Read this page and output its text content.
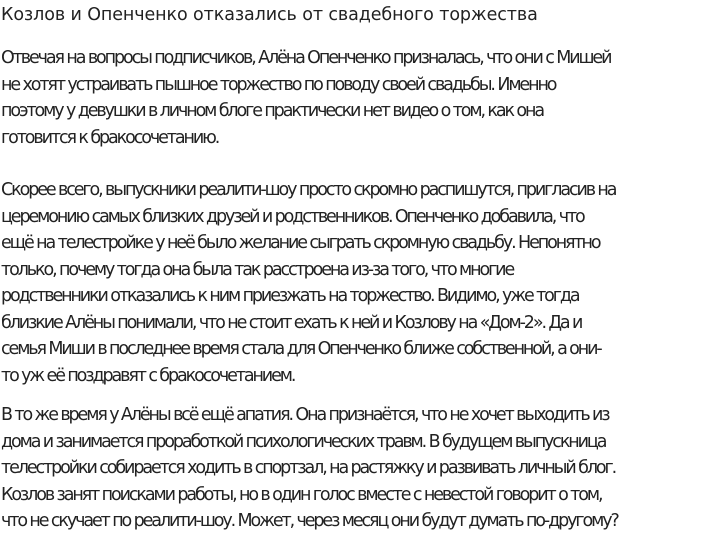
Козлов и Опенченко отказались от свадебного торжества

Отвечая на вопросы подписчиков, Алёна Опенченко призналась, что они с Мишей
не хотят устраивать пышное торжество по поводу своей свадьбы. Именно
поэтому у девушки в личном блоге практически нет видео о том, как она
готовится к бракосочетанию.

Скорее всего, выпускники реалити-шоу просто скромно распишутся, пригласив на
церемонию самых близких друзей и родственников. Опенченко добавила, что
ещё на телестройке у неё было желание сыграть скромную свадьбу. Непонятно
только, почему тогда она была так расстроена из-за того, что многие
родственники отказались к ним приезжать на торжество. Видимо, уже тогда
близкие Алёны понимали, что не стоит ехать к ней и Козлову на «Дом-2». Да и
семья Миши в последнее время стала для Опенченко ближе собственной, а они-
то уж её поздравят с бракосочетанием.

В то же время у Алёны всё ещё апатия. Она признаётся, что не хочет выходить из
дома и занимается проработкой психологических травм. В будущем выпускница
телестройки собирается ходить в спортзал, на растяжку и развивать личный блог.
Козлов занят поисками работы, но в один голос вместе с невестой говорит о том,
что не скучает по реалити-шоу. Может, через месяц они будут думать по-другому?
